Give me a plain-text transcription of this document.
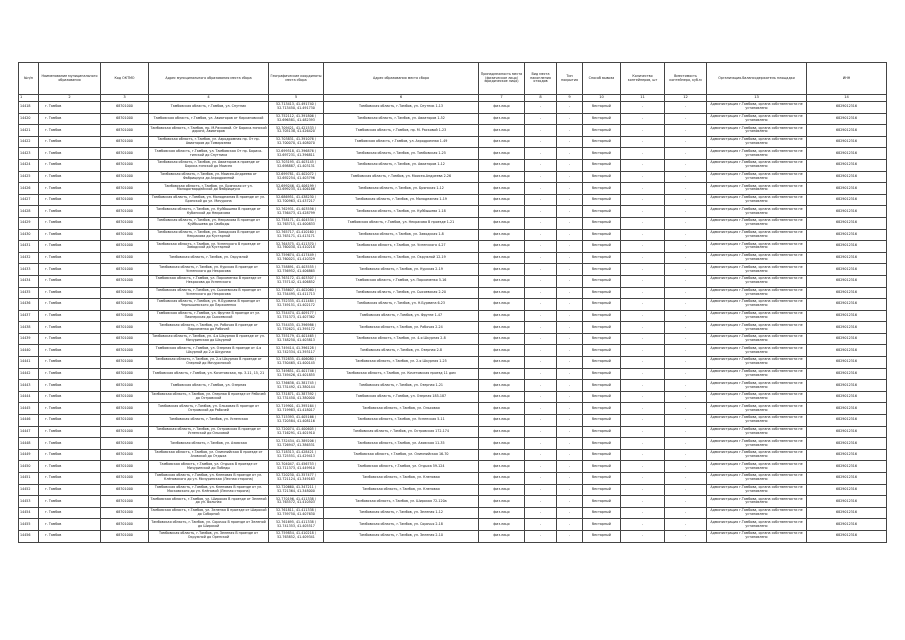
№п/п	Наименование муниципального образования	Код ОКТМО	Адрес муниципального образования места сбора	Географические координаты места сбора	Адрес образования места сбора	Принадлежность места (физическое лицо/юридическое лицо)	Вид места накопления отходов	Тип покрытия	Способ вывоза	Количество контейнеров, шт	Вместимость контейнера, куб.м	Организация-балансодержатель площадки	ИНН
1	2	3	4	5	6	7	8	9	10	11	12	13	14
14418	г. Тамбов	68701000	Тамбовская область, г.Тамбов, ул. Спутник	52.713413, 41.491740 / 52.713450, 41.491730	Тамбовская область, г.Тамбов, ул. Спутник 1-13	физ.лицо	-	-	бестарный	-	-	Администрация г.Тамбова, органа собственности не установлено	6829012316
14420	г. Тамбов	68701000	Тамбовская область, г.Тамбов, ул. Авиаторов от Кирсановской	52.752112, 41.391806 / 52.696581, 41.482393	Тамбовская область, г.Тамбов, ул. Авиаторов 1-52	физ.лицо	-	-	бестарный	-	-	Администрация г.Тамбова, органа собственности не установлено	6829012316
14421	г. Тамбов	68701000	Тамбовская область, г.Тамбов, пр. М.Расковой. От Бориса-тинской дороги, Авиаторов	52.709421, 41.421533 / 52.705138, 41.426420	Тамбовская область, г.Тамбов, пр. М. Расковой 1-23	физ.лицо	-	-	бестарный	-	-	Администрация г.Тамбова, органа собственности не установлено	6829012316
14422	г. Тамбов	68701000	Тамбовская область, г.Тамбов, ул. Аэродромная пр. От пр. Авиаторов до Тимирязева	52.703831, 41.391076 / 52.700070, 41.408070	Тамбовская область, г.Тамбов, ул. Аэродромная 1-49	физ.лицо	-	-	бестарный	-	-	Администрация г.Тамбова, органа собственности не установлено	6829012316
14423	г. Тамбов	68701000	Тамбовская область, г.Тамбов, ул. Тамбовская От пр. Бориса-тинской до Спутника	52.699518, 41.396876 / 52.697231, 41.396811	Тамбовская область, г.Тамбов, ул. Тамбовская 1-25	физ.лицо	-	-	бестарный	-	-	Администрация г.Тамбова, органа собственности не установлено	6829012316
14424	г. Тамбов	68701000	Тамбовская область, г.Тамбов, ул. Авиаторов в проезде от Бориса-тинской до Моисея	52.703195, 41.403145 / 52.698887, 41.403131	Тамбовская область, г.Тамбов, ул. Авиаторов 1-12	физ.лицо	-	-	бестарный	-	-	Администрация г.Тамбова, органа собственности не установлено	6829012316
14425	г. Тамбов	68701000	Тамбовская область, г.Тамбов, ул. Моисея-Андреева от Фабрициуса до Аэродромной	52.699781, 41.402072 / 52.692254, 41.403796	Тамбовская область, г.Тамбов, ул. Моисея-Андреева 2-26	физ.лицо	-	-	бестарный	-	-	Администрация г.Тамбова, органа собственности не установлено	6829012316
14426	г. Тамбов	68701000	Тамбовская область, г.Тамбов, ул. Брянская от ул. Молодогвардейской до Фабрициуса	52.699246, 41.406199 / 52.699235, 41.406166	Тамбовская область, г.Тамбов, ул. Брянская 1-12	физ.лицо	-	-	бестарный	-	-	Администрация г.Тамбова, органа собственности не установлено	6829012316
14427	г. Тамбов	68701000	Тамбовская область, г.Тамбов, ул. Молодежная В проезде от ул. Брянской до ул. Мичурина	52.686951, 41.438230 / 52.700963, 41.437217	Тамбовская область, г.Тамбов, ул. Молодежная 1-19	физ.лицо	-	-	бестарный	-	-	Администрация г.Тамбова, органа собственности не установлено	6829012316
14428	г. Тамбов	68701000	Тамбовская область, г.Тамбов, ул. Куйбышева В проезде от Кубанской до Некрасова	52.762931, 41.403556 / 52.756473, 41.428799	Тамбовская область, г.Тамбов, ул. Куйбышева 1-18	физ.лицо	-	-	бестарный	-	-	Администрация г.Тамбова, органа собственности не установлено	6829012316
14429	г. Тамбов	68701000	Тамбовская область, г.Тамбов, ул. Некрасова В проезде от Куйбышева до Свободы	52.758171, 41.404534 / 52.763715, 41.400833	Тамбовская область, г.Тамбов, ул. Некрасова В проезде 1-21	физ.лицо	-	-	бестарный	-	-	Администрация г.Тамбова, органа собственности не установлено	6829012316
14430	г. Тамбов	68701000	Тамбовская область, г.Тамбов, ул. Заводская В проезде от Некрасова до Кустарной	52.765717, 41.410160 / 52.763171, 41.413171	Тамбовская область, г.Тамбов, ул. Заводская 1-8	физ.лицо	-	-	бестарный	-	-	Администрация г.Тамбова, органа собственности не установлено	6829012316
14431	г. Тамбов	68701000	Тамбовская область, г.Тамбов, ул. Успенского В проезде от Заводской до Кустарной	52.764575, 41.411370 / 52.760030, 41.410218	Тамбовская область, г.Тамбов, ул. Успенского 4-27	физ.лицо	-	-	бестарный	-	-	Администрация г.Тамбова, органа собственности не установлено	6829012316
14432	г. Тамбов	68701000	Тамбовская область, г.Тамбов, ул. Окружной	52.759674, 41.417449 / 52.760021, 41.410329	Тамбовская область, г.Тамбов, ул. Окружной 12-19	физ.лицо	-	-	бестарный	-	-	Администрация г.Тамбова, органа собственности не установлено	6829012316
14433	г. Тамбов	68701000	Тамбовская область, г.Тамбов, ул. Курская В проезде от Успенского до Некрасова	52.758891, 41.403555 / 52.756952, 41.406865	Тамбовская область, г.Тамбов, ул. Курская 2-19	физ.лицо	-	-	бестарный	-	-	Администрация г.Тамбова, органа собственности не установлено	6829012316
14434	г. Тамбов	68701000	Тамбовская область, г.Тамбов, ул. Пархоменко В проезде от Некрасова до Успенского	52.763172, 41.403307 / 52.757142, 41.406852	Тамбовская область, г.Тамбов, ул. Пархоменко 5-16	физ.лицо	-	-	бестарный	-	-	Администрация г.Тамбова, органа собственности не установлено	6829012316
14435	г. Тамбов	68701000	Тамбовская область, г.Тамбов, ул. Сысоевская В проезде от Успенского до Некрасова	52.758607, 41.402060 / 52.754495, 41.411713	Тамбовская область, г.Тамбов, ул. Сысоевская 2-20	физ.лицо	-	-	бестарный	-	-	Администрация г.Тамбова, органа собственности не установлено	6829012316
14436	г. Тамбов	68701000	Тамбовская область, г.Тамбов, ул. Н.Бурмина В проезде от Чернышевского до Пархоменко	52.752335, 41.411484 / 52.749151, 41.402172	Тамбовская область, г.Тамбов, ул. Н.Бурмина 6-23	физ.лицо	-	-	бестарный	-	-	Администрация г.Тамбова, органа собственности не установлено	6829012316
14437	г. Тамбов	68701000	Тамбовская область, г.Тамбов, ул. Фрунзе В проезде от ул. Пионерская до Сысоевской	52.754474, 41.409177 / 52.751373, 41.407362	Тамбовская область, г.Тамбов, ул. Фрунзе 1-47	физ.лицо	-	-	бестарный	-	-	Администрация г.Тамбова, органа собственности не установлено	6829012316
14438	г. Тамбов	68701000	Тамбовская область, г.Тамбов, ул. Рабочая В проезде от Пархоменко до Рабочей	52.754435, 41.396986 / 52.752621, 41.395172	Тамбовская область, г.Тамбов, ул. Рабочая 2-24	физ.лицо	-	-	бестарный	-	-	Администрация г.Тамбова, органа собственности не установлено	6829012316
14439	г. Тамбов	68701000	Тамбовская область, г.Тамбов, ул. 4-я Шкурная В проезде от ул. Мичуринская до Шкурной	52.755179, 41.401465 / 52.748250, 41.403813	Тамбовская область, г.Тамбов, ул. 4-я Шкурная 2-8	физ.лицо	-	-	бестарный	-	-	Администрация г.Тамбова, органа собственности не установлено	6829012316
14440	г. Тамбов	68701000	Тамбовская область, г.Тамбов, ул. Озерная В проезде от 4-я Шкурной до 2-я Шкурная	52.749414, 41.396128 / 52.742334, 41.393117	Тамбовская область, г.Тамбов, ул. Озерная 2-8	физ.лицо	-	-	бестарный	-	-	Администрация г.Тамбова, органа собственности не установлено	6829012316
14441	г. Тамбов	68701000	Тамбовская область, г.Тамбов, ул. 2-я Шкурная В проезде от Озерной до Мичуринской	52.752835, 41.406080 / 52.750465, 41.400145	Тамбовская область, г.Тамбов, ул. 2-я Шкурная 1-25	физ.лицо	-	-	бестарный	-	-	Администрация г.Тамбова, органа собственности не установлено	6829012316
14442	г. Тамбов	68701000	Тамбовская область, г.Тамбов, ул. Кочетовская, пр. 3-11, 15, 21	52.749851, 41.401746 / 52.749426, 41.401855	Тамбовская область, г.Тамбов, ул. Кочетовская проезд 11 дом	физ.лицо	-	-	бестарный	-	-	Администрация г.Тамбова, органа собственности не установлено	6829012316
14443	г. Тамбов	68701000	Тамбовская область, г.Тамбов, ул. Озерная	52.736638, 41.381745 / 52.731492, 41.380144	Тамбовская область, г.Тамбов, ул. Озерная 1-21	физ.лицо	-	-	бестарный	-	-	Администрация г.Тамбова, органа собственности не установлено	6829012316
14444	г. Тамбов	68701000	Тамбовская область, г.Тамбов, ул. Озерная В проезде от Рабочей до Островской	52.731871, 41.387392 / 52.731450, 41.380000	Тамбовская область, г.Тамбов, ул. Озерная 185-187	физ.лицо	-	-	бестарный	-	-	Администрация г.Тамбова, органа собственности не установлено	6829012316
14445	г. Тамбов	68701000	Тамбовская область, г.Тамбов, ул. Ольховая В проезде от Островской до Рабочей	52.719901, 41.395164 / 52.719983, 41.418017	Тамбовская область, г.Тамбов, ул. Ольховая	физ.лицо	-	-	бестарный	-	-	Администрация г.Тамбова, органа собственности не установлено	6829012316
14446	г. Тамбов	68701000	Тамбовская область, г.Тамбов, ул. Успенская	52.715393, 41.405166 / 52.720584, 41.408116	Тамбовская область, г.Тамбов, ул. Успенская 5-11	физ.лицо	-	-	бестарный	-	-	Администрация г.Тамбова, органа собственности не установлено	6829012316
14447	г. Тамбов	68701000	Тамбовская область, г.Тамбов, ул. Островская В проезде от Успенской до Ольховой	52.720074, 41.400605 / 52.716291, 41.401910	Тамбовская область, г.Тамбов, ул. Островская 172-174	физ.лицо	-	-	бестарный	-	-	Администрация г.Тамбова, органа собственности не установлено	6829012316
14448	г. Тамбов	68701000	Тамбовская область, г.Тамбов, ул. Азовская	52.732434, 41.389206 / 52.726947, 41.386531	Тамбовская область, г.Тамбов, ул. Азовская 11-35	физ.лицо	-	-	бестарный	-	-	Администрация г.Тамбова, органа собственности не установлено	6829012316
14449	г. Тамбов	68701000	Тамбовская область, г.Тамбов, ул. Олимпийская В проезде от Азовской до Отдыха	52.718313, 41.428421 / 52.725551, 41.429413	Тамбовская область, г.Тамбов, ул. Олимпийская 16-70	физ.лицо	-	-	бестарный	-	-	Администрация г.Тамбова, органа собственности не установлено	6829012316
14450	г. Тамбов	68701000	Тамбовская область, г.Тамбов, ул. Отдыха В проезде от Мичуринской до Победы	52.704047, 41.456753 / 52.711373, 41.449910	Тамбовская область, г.Тамбов, ул. Отдыха 59-124	физ.лицо	-	-	бестарный	-	-	Администрация г.Тамбова, органа собственности не установлено	6829012316
14451	г. Тамбов	68701000	Тамбовская область, г.Тамбов, ул. Кленовая В проезде от ул. Клёновского до ул. Мичуринская (Лесная сторона)	52.720230, 41.357477 / 52.721124, 41.349163	Тамбовская область, г.Тамбов, ул. Кленовая	физ.лицо	-	-	бестарный	-	-	Администрация г.Тамбова, органа собственности не установлено	6829012316
14452	г. Тамбов	68701000	Тамбовская область, г.Тамбов, ул. Кленовая В проезде от ул. Московского до ул. Клёновой (Лесная сторона)	52.720660, 41.347211 / 52.721364, 41.348000	Тамбовская область, г.Тамбов, ул. Кленовая	физ.лицо	-	-	бестарный	-	-	Администрация г.Тамбова, органа собственности не установлено	6829012316
14453	г. Тамбов	68701000	Тамбовская область, г.Тамбов, ул. Широкая В проезде от Зеленой до ул. Вольная	52.770196, 41.411338 / 52.763572, 41.410503	Тамбовская область, г.Тамбов, ул. Широкая 72-120а	физ.лицо	-	-	бестарный	-	-	Администрация г.Тамбова, органа собственности не установлено	6829012316
14454	г. Тамбов	68701000	Тамбовская область, г.Тамбов, ул. Зеленая В проезде от Широкой до Соборной	52.761811, 41.411338 / 52.759750, 41.407630	Тамбовская область, г.Тамбов, ул. Зеленая 1-12	физ.лицо	-	-	бестарный	-	-	Администрация г.Тамбова, органа собственности не установлено	6829012316
14455	г. Тамбов	68701000	Тамбовская область, г.Тамбов, ул. Сорочья В проезде от Зеленой до Широкой	52.761695, 41.411338 / 52.741353, 41.405517	Тамбовская область, г.Тамбов, ул. Сорочья 2-18	физ.лицо	-	-	бестарный	-	-	Администрация г.Тамбова, органа собственности не установлено	6829012316
14456	г. Тамбов	68701000	Тамбовская область, г.Тамбов, ул. Зеленая В проезде от Окружной до Оренской	52.759854, 41.410218 / 52.763852, 41.409341	Тамбовская область, г.Тамбов, ул. Зеленая 2-10	физ.лицо	-	-	бестарный	-	-	Администрация г.Тамбова, органа собственности не установлено	6829012316
